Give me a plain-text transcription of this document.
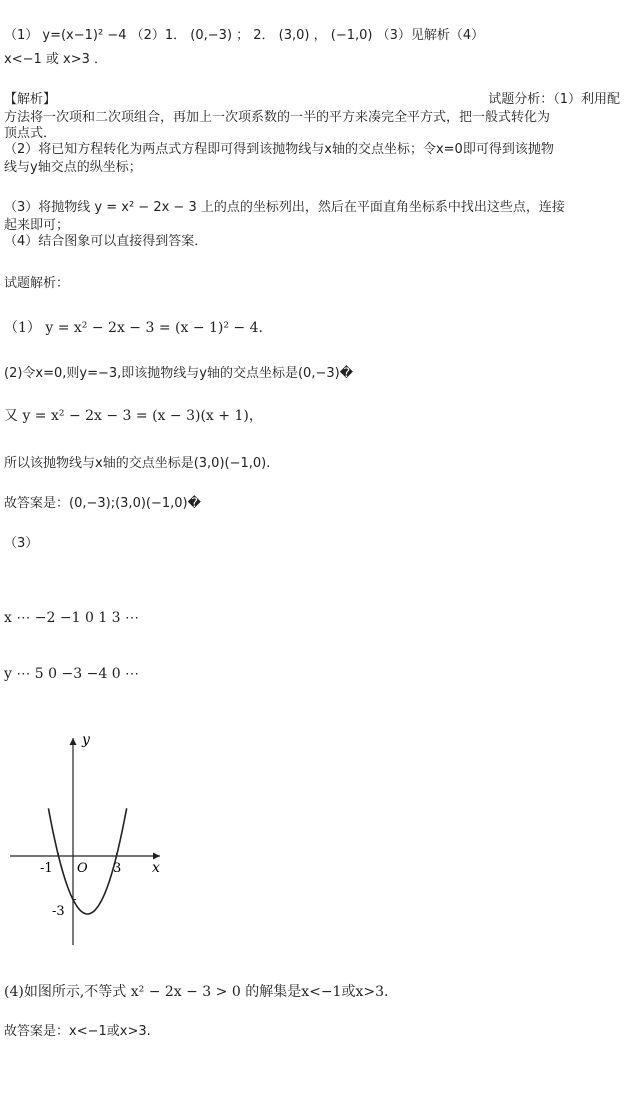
（1） y=(x−1)² −4 （2）1． (0,−3) ； 2． (3,0) ， (−1,0) （3）见解析（4）
x<−1 或 x>3 ．
【解析】	试题分析：（1）利用配
方法将一次项和二次项组合，再加上一次项系数的一半的平方来凑完全平方式，把一般式转化为
顶点式．
（2）将已知方程转化为两点式方程即可得到该抛物线与x轴的交点坐标；令x=0即可得到该抛物
线与y轴交点的纵坐标；
（3）将抛物线 y = x² − 2x − 3 上的点的坐标列出，然后在平面直角坐标系中找出这些点，连接
起来即可；
（4）结合图象可以直接得到答案．
试题解析：
（1） y = x² − 2x − 3 = (x − 1)² − 4.
(2)令x=0,则y=−3,即该抛物线与y轴的交点坐标是(0,−3)�
又 y = x² − 2x − 3 = (x − 3)(x + 1)，
所以该抛物线与x轴的交点坐标是(3,0)(−1,0).
故答案是：(0,−3);(3,0)(−1,0)�
（3）
x ⋯ −2 −1 0 1 3 ⋯
y ⋯ 5 0 −3 −4 0 ⋯
x
y
O
-1	3
-3
(4)如图所示,不等式 x² − 2x − 3 > 0 的解集是x<−1或x>3.
故答案是：x<−1或x>3.
